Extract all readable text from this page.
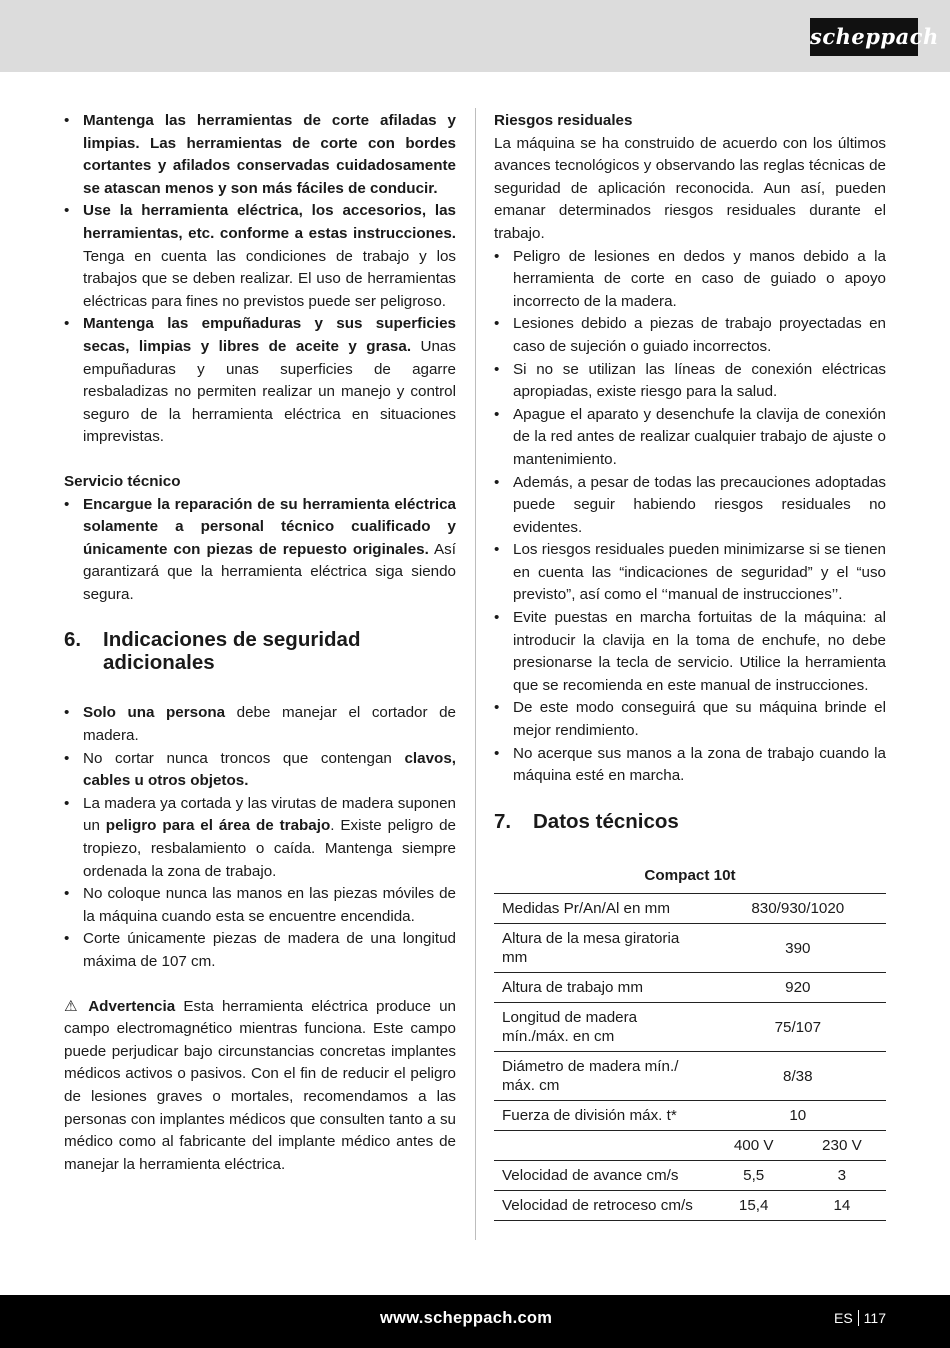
scheppach
• Mantenga las herramientas de corte afiladas y limpias. Las herramientas de corte con bordes cortantes y afilados conservadas cuidadosamente se atascan menos y son más fáciles de conducir.
• Use la herramienta eléctrica, los accesorios, las herramientas, etc. conforme a estas instrucciones. Tenga en cuenta las condiciones de trabajo y los trabajos que se deben realizar. El uso de herramientas eléctricas para fines no previstos puede ser peligroso.
• Mantenga las empuñaduras y sus superficies secas, limpias y libres de aceite y grasa. Unas empuñaduras y unas superficies de agarre resbaladizas no permiten realizar un manejo y control seguro de la herramienta eléctrica en situaciones imprevistas.

Servicio técnico

• Encargue la reparación de su herramienta eléctrica solamente a personal técnico cualificado y únicamente con piezas de repuesto originales. Así garantizará que la herramienta eléctrica siga siendo segura.
6.	Indicaciones de seguridad adicionales
• Solo una persona debe manejar el cortador de madera.
• No cortar nunca troncos que contengan clavos, cables u otros objetos.
• La madera ya cortada y las virutas de madera suponen un peligro para el área de trabajo. Existe peligro de tropiezo, resbalamiento o caída. Mantenga siempre ordenada la zona de trabajo.
• No coloque nunca las manos en las piezas móviles de la máquina cuando esta se encuentre encendida.
• Corte únicamente piezas de madera de una longitud máxima de 107 cm.

⚠ Advertencia Esta herramienta eléctrica produce un campo electromagnético mientras funciona. Este campo puede perjudicar bajo circunstancias concretas implantes médicos activos o pasivos. Con el fin de reducir el peligro de lesiones graves o mortales, recomendamos a las personas con implantes médicos que consulten tanto a su médico como al fabricante del implante médico antes de manejar la herramienta eléctrica.

Riesgos residuales

La máquina se ha construido de acuerdo con los últimos avances tecnológicos y observando las reglas técnicas de seguridad de aplicación reconocida. Aun así, pueden emanar determinados riesgos residuales durante el trabajo.

• Peligro de lesiones en dedos y manos debido a la herramienta de corte en caso de guiado o apoyo incorrecto de la madera.
• Lesiones debido a piezas de trabajo proyectadas en caso de sujeción o guiado incorrectos.
• Si no se utilizan las líneas de conexión eléctricas apropiadas, existe riesgo para la salud.
• Apague el aparato y desenchufe la clavija de conexión de la red antes de realizar cualquier trabajo de ajuste o mantenimiento.
• Además, a pesar de todas las precauciones adoptadas puede seguir habiendo riesgos residuales no evidentes.
• Los riesgos residuales pueden minimizarse si se tienen en cuenta las “indicaciones de seguridad” y el “uso previsto”, así como el ‘‘manual de instrucciones’’.
• Evite puestas en marcha fortuitas de la máquina: al introducir la clavija en la toma de enchufe, no debe presionarse la tecla de servicio. Utilice la herramienta que se recomienda en este manual de instrucciones.
• De este modo conseguirá que su máquina brinde el mejor rendimiento.
• No acerque sus manos a la zona de trabajo cuando la máquina esté en marcha.
7.	Datos técnicos
Compact 10t		
Medidas Pr/An/Al en mm	830/930/1020	
Altura de la mesa giratoria mm	390	
Altura de trabajo mm	920	
Longitud de madera mín./máx. en cm	75/107	
Diámetro de madera mín./ máx. cm	8/38	
Fuerza de división máx. t*	10	
	400 V	230 V
Velocidad de avance cm/s	5,5	3
Velocidad de retroceso cm/s	15,4	14
www.scheppach.com	ES 117
